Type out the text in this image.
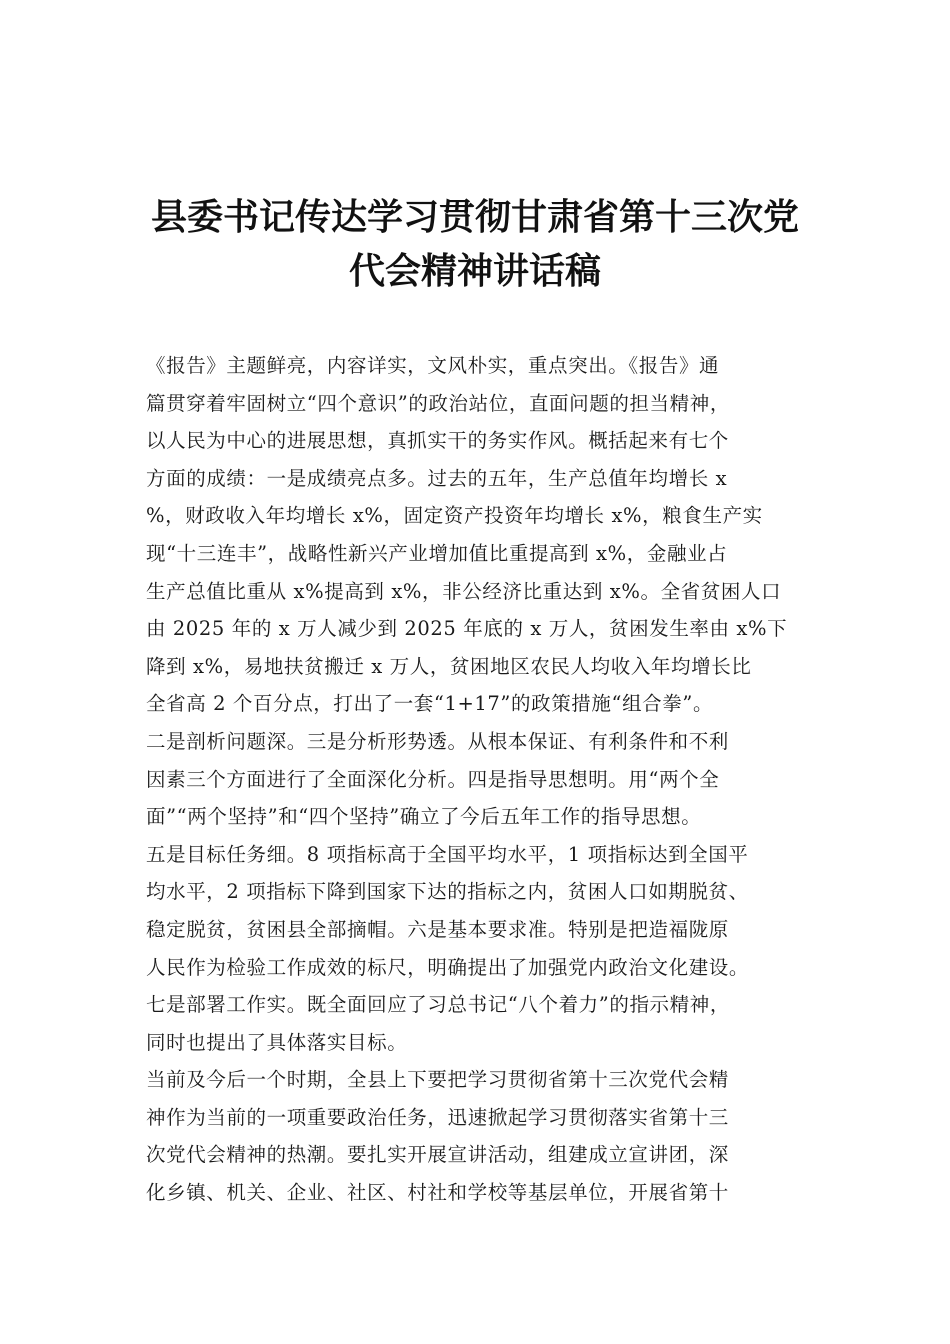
县委书记传达学习贯彻甘肃省第十三次党
代会精神讲话稿
《报告》主题鲜亮，内容详实，文风朴实，重点突出。《报告》通
篇贯穿着牢固树立“四个意识”的政治站位，直面问题的担当精神，
以人民为中心的进展思想，真抓实干的务实作风。概括起来有七个
方面的成绩：一是成绩亮点多。过去的五年，生产总值年均增长 x
%，财政收入年均增长 x%，固定资产投资年均增长 x%，粮食生产实
现“十三连丰”，战略性新兴产业增加值比重提高到 x%，金融业占
生产总值比重从 x%提高到 x%，非公经济比重达到 x%。全省贫困人口
由 2025 年的 x 万人减少到 2025 年底的 x 万人，贫困发生率由 x%下
降到 x%，易地扶贫搬迁 x 万人，贫困地区农民人均收入年均增长比
全省高 2 个百分点，打出了一套“1+17”的政策措施“组合拳”。
二是剖析问题深。三是分析形势透。从根本保证、有利条件和不利
因素三个方面进行了全面深化分析。四是指导思想明。用“两个全
面”“两个坚持”和“四个坚持”确立了今后五年工作的指导思想。
五是目标任务细。8 项指标高于全国平均水平，1 项指标达到全国平
均水平，2 项指标下降到国家下达的指标之内，贫困人口如期脱贫、
稳定脱贫，贫困县全部摘帽。六是基本要求准。特别是把造福陇原
人民作为检验工作成效的标尺，明确提出了加强党内政治文化建设。
七是部署工作实。既全面回应了习总书记“八个着力”的指示精神，
同时也提出了具体落实目标。
当前及今后一个时期，全县上下要把学习贯彻省第十三次党代会精
神作为当前的一项重要政治任务，迅速掀起学习贯彻落实省第十三
次党代会精神的热潮。要扎实开展宣讲活动，组建成立宣讲团，深
化乡镇、机关、企业、社区、村社和学校等基层单位，开展省第十
